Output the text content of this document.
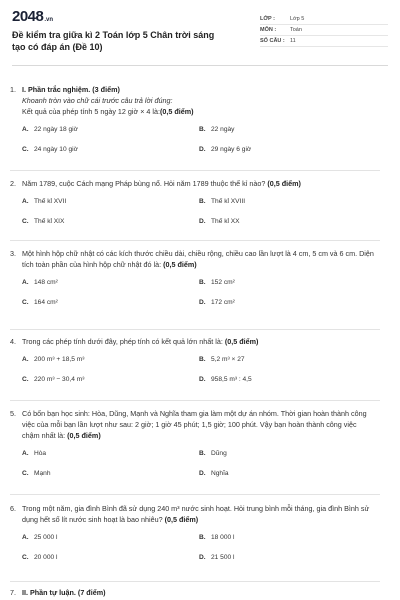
2048 .vn
Đề kiểm tra giữa kì 2 Toán lớp 5 Chân trời sáng tạo có đáp án (Đề 10)
LỚP :	Lớp 5
MÔN :	Toán
SỐ CÂU : 11
1. I. Phần trắc nghiệm. (3 điểm)
Khoanh tròn vào chữ cái trước câu trả lời đúng:
Kết quả của phép tính 5 ngày 12 giờ × 4 là:(0,5 điểm)
A. 22 ngày 18 giờ	B. 22 ngày
C. 24 ngày 10 giờ	D. 29 ngày 6 giờ
2. Năm 1789, cuộc Cách mạng Pháp bùng nổ. Hỏi năm 1789 thuộc thế kỉ nào? (0,5 điểm)
A. Thế kỉ XVII	B. Thế kỉ XVIII
C. Thế kỉ XIX	D. Thế kỉ XX
3. Một hình hộp chữ nhật có các kích thước chiều dài, chiều rộng, chiều cao lần lượt là 4 cm, 5 cm và 6 cm. Diện tích toàn phần của hình hộp chữ nhật đó là: (0,5 điểm)
A. 148 cm²	B. 152 cm²
C. 164 cm²	D. 172 cm²
4. Trong các phép tính dưới đây, phép tính có kết quả lớn nhất là: (0,5 điểm)
A. 200 m³ + 18,5 m³	B. 5,2 m³ × 27
C. 220 m³ − 30,4 m³	D. 958,5 m³ : 4,5
5. Có bốn bạn học sinh: Hòa, Dũng, Mạnh và Nghĩa tham gia làm một dự án nhóm. Thời gian hoàn thành công việc của mỗi bạn lần lượt như sau: 2 giờ; 1 giờ 45 phút; 1,5 giờ; 100 phút. Vậy bạn hoàn thành công việc chậm nhất là: (0,5 điểm)
A. Hòa	B. Dũng
C. Mạnh	D. Nghĩa
6. Trong một năm, gia đình Bình đã sử dụng 240 m³ nước sinh hoạt. Hỏi trung bình mỗi tháng, gia đình Bình sử dụng hết số lít nước sinh hoạt là bao nhiêu? (0,5 điểm)
A. 25 000 l	B. 18 000 l
C. 20 000 l	D. 21 500 l
7. II. Phần tự luận. (7 điểm)
